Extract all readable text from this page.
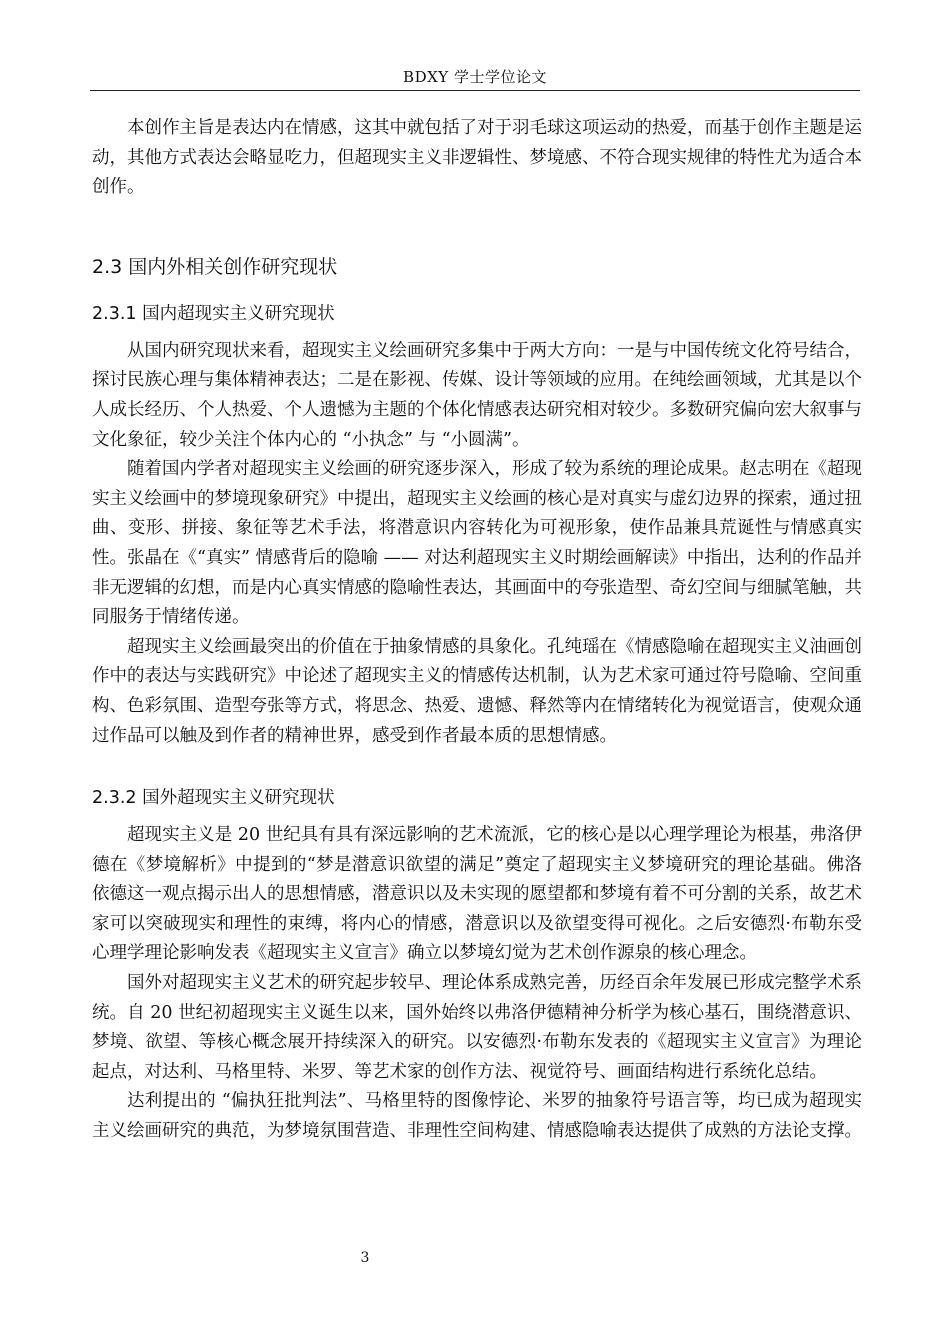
BDXY 学士学位论文

本创作主旨是表达内在情感，这其中就包括了对于羽毛球这项运动的热爱，而基于创作主题是运动，其他方式表达会略显吃力，但超现实主义非逻辑性、梦境感、不符合现实规律的特性尤为适合本创作。

2.3 国内外相关创作研究现状
2.3.1 国内超现实主义研究现状

从国内研究现状来看，超现实主义绘画研究多集中于两大方向：一是与中国传统文化符号结合，探讨民族心理与集体精神表达；二是在影视、传媒、设计等领域的应用。在纯绘画领域，尤其是以个人成长经历、个人热爱、个人遗憾为主题的个体化情感表达研究相对较少。多数研究偏向宏大叙事与文化象征，较少关注个体内心的 “小执念” 与 “小圆满”。

随着国内学者对超现实主义绘画的研究逐步深入，形成了较为系统的理论成果。赵志明在《超现实主义绘画中的梦境现象研究》中提出，超现实主义绘画的核心是对真实与虚幻边界的探索，通过扭曲、变形、拼接、象征等艺术手法，将潜意识内容转化为可视形象，使作品兼具荒诞性与情感真实性。张晶在《“真实” 情感背后的隐喻 —— 对达利超现实主义时期绘画解读》中指出，达利的作品并非无逻辑的幻想，而是内心真实情感的隐喻性表达，其画面中的夸张造型、奇幻空间与细腻笔触，共同服务于情绪传递。

超现实主义绘画最突出的价值在于抽象情感的具象化。孔纯瑶在《情感隐喻在超现实主义油画创作中的表达与实践研究》中论述了超现实主义的情感传达机制，认为艺术家可通过符号隐喻、空间重构、色彩氛围、造型夸张等方式，将思念、热爱、遗憾、释然等内在情绪转化为视觉语言，使观众通过作品可以触及到作者的精神世界，感受到作者最本质的思想情感。

2.3.2 国外超现实主义研究现状

超现实主义是 20 世纪具有具有深远影响的艺术流派，它的核心是以心理学理论为根基，弗洛伊德在《梦境解析》中提到的“梦是潜意识欲望的满足”奠定了超现实主义梦境研究的理论基础。佛洛依德这一观点揭示出人的思想情感，潜意识以及未实现的愿望都和梦境有着不可分割的关系，故艺术家可以突破现实和理性的束缚，将内心的情感，潜意识以及欲望变得可视化。之后安德烈·布勒东受心理学理论影响发表《超现实主义宣言》确立以梦境幻觉为艺术创作源泉的核心理念。

国外对超现实主义艺术的研究起步较早、理论体系成熟完善，历经百余年发展已形成完整学术系统。自 20 世纪初超现实主义诞生以来，国外始终以弗洛伊德精神分析学为核心基石，围绕潜意识、梦境、欲望、等核心概念展开持续深入的研究。以安德烈·布勒东发表的《超现实主义宣言》为理论起点，对达利、马格里特、米罗、等艺术家的创作方法、视觉符号、画面结构进行系统化总结。

达利提出的 “偏执狂批判法”、马格里特的图像悖论、米罗的抽象符号语言等，均已成为超现实主义绘画研究的典范，为梦境氛围营造、非理性空间构建、情感隐喻表达提供了成熟的方法论支撑。

3
